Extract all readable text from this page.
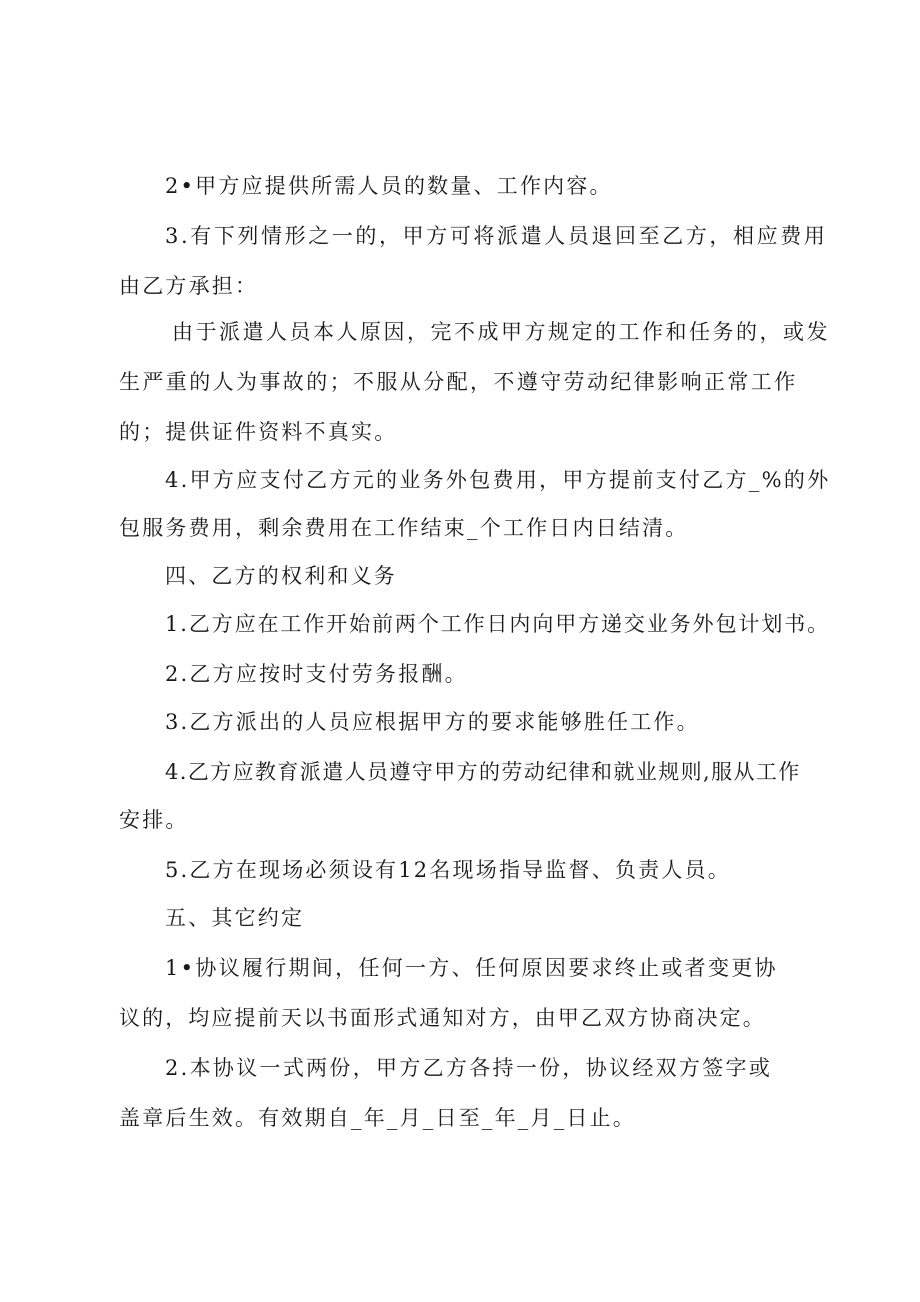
2•甲方应提供所需人员的数量、工作内容。
3.有下列情形之一的，甲方可将派遣人员退回至乙方，相应费用
由乙方承担：
由于派遣人员本人原因，完不成甲方规定的工作和任务的，或发
生严重的人为事故的；不服从分配，不遵守劳动纪律影响正常工作
的；提供证件资料不真实。
4.甲方应支付乙方元的业务外包费用，甲方提前支付乙方_%的外
包服务费用，剩余费用在工作结束_个工作日内日结清。
四、乙方的权利和义务
1.乙方应在工作开始前两个工作日内向甲方递交业务外包计划书。
2.乙方应按时支付劳务报酬。
3.乙方派出的人员应根据甲方的要求能够胜任工作。
4.乙方应教育派遣人员遵守甲方的劳动纪律和就业规则,服从工作
安排。
5.乙方在现场必须设有12名现场指导监督、负责人员。
五、其它约定
1•协议履行期间，任何一方、任何原因要求终止或者变更协
议的，均应提前天以书面形式通知对方，由甲乙双方协商决定。
2.本协议一式两份，甲方乙方各持一份，协议经双方签字或
盖章后生效。有效期自_年_月_日至_年_月_日止。
